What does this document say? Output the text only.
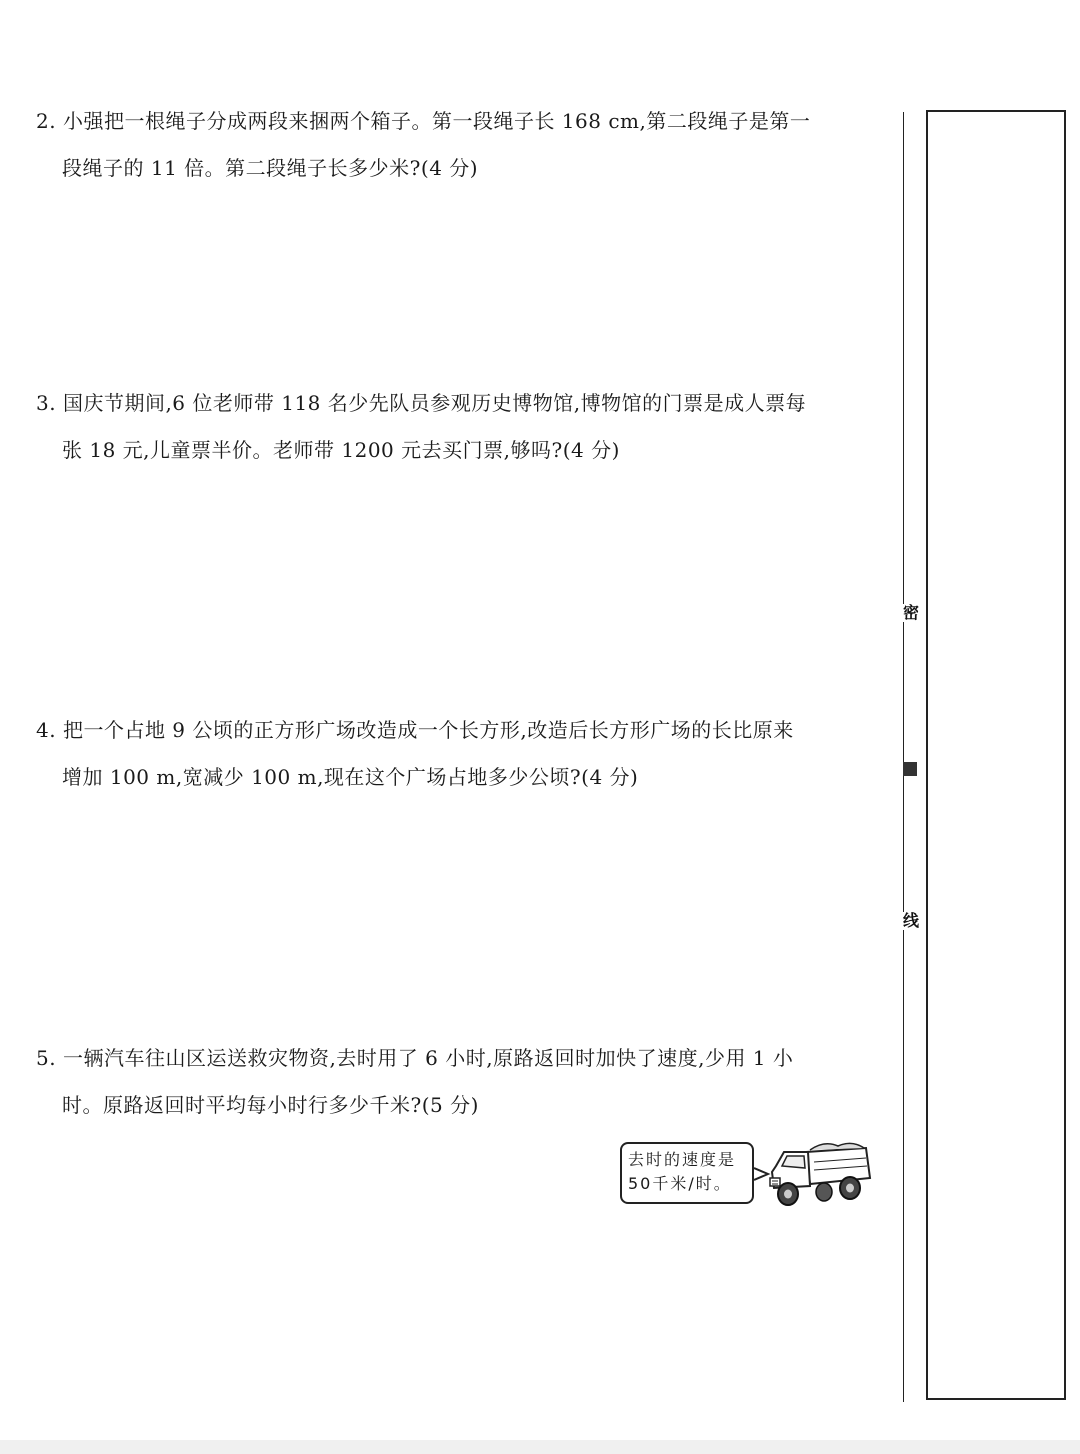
2. 小强把一根绳子分成两段来捆两个箱子。第一段绳子长 168 cm,第二段绳子是第一
段绳子的 11 倍。第二段绳子长多少米?(4 分)
3. 国庆节期间,6 位老师带 118 名少先队员参观历史博物馆,博物馆的门票是成人票每
张 18 元,儿童票半价。老师带 1200 元去买门票,够吗?(4 分)
4. 把一个占地 9 公顷的正方形广场改造成一个长方形,改造后长方形广场的长比原来
增加 100 m,宽减少 100 m,现在这个广场占地多少公顷?(4 分)
5. 一辆汽车往山区运送救灾物资,去时用了 6 小时,原路返回时加快了速度,少用 1 小
时。原路返回时平均每小时行多少千米?(5 分)
去时的速度是
50千米/时。
密
线
